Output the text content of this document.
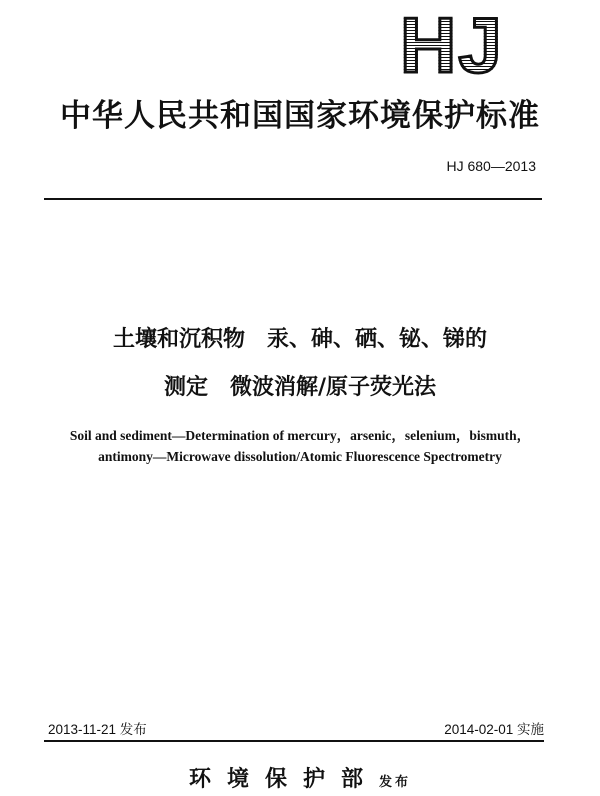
HJ
中华人民共和国国家环境保护标准
HJ 680—2013
土壤和沉积物　汞、砷、硒、铋、锑的
测定　微波消解/原子荧光法
Soil and sediment—Determination of mercury，arsenic，selenium，bismuth，
antimony—Microwave dissolution/Atomic Fluorescence Spectrometry
2013-11-21 发布	2014-02-01 实施
环境保护部发布
